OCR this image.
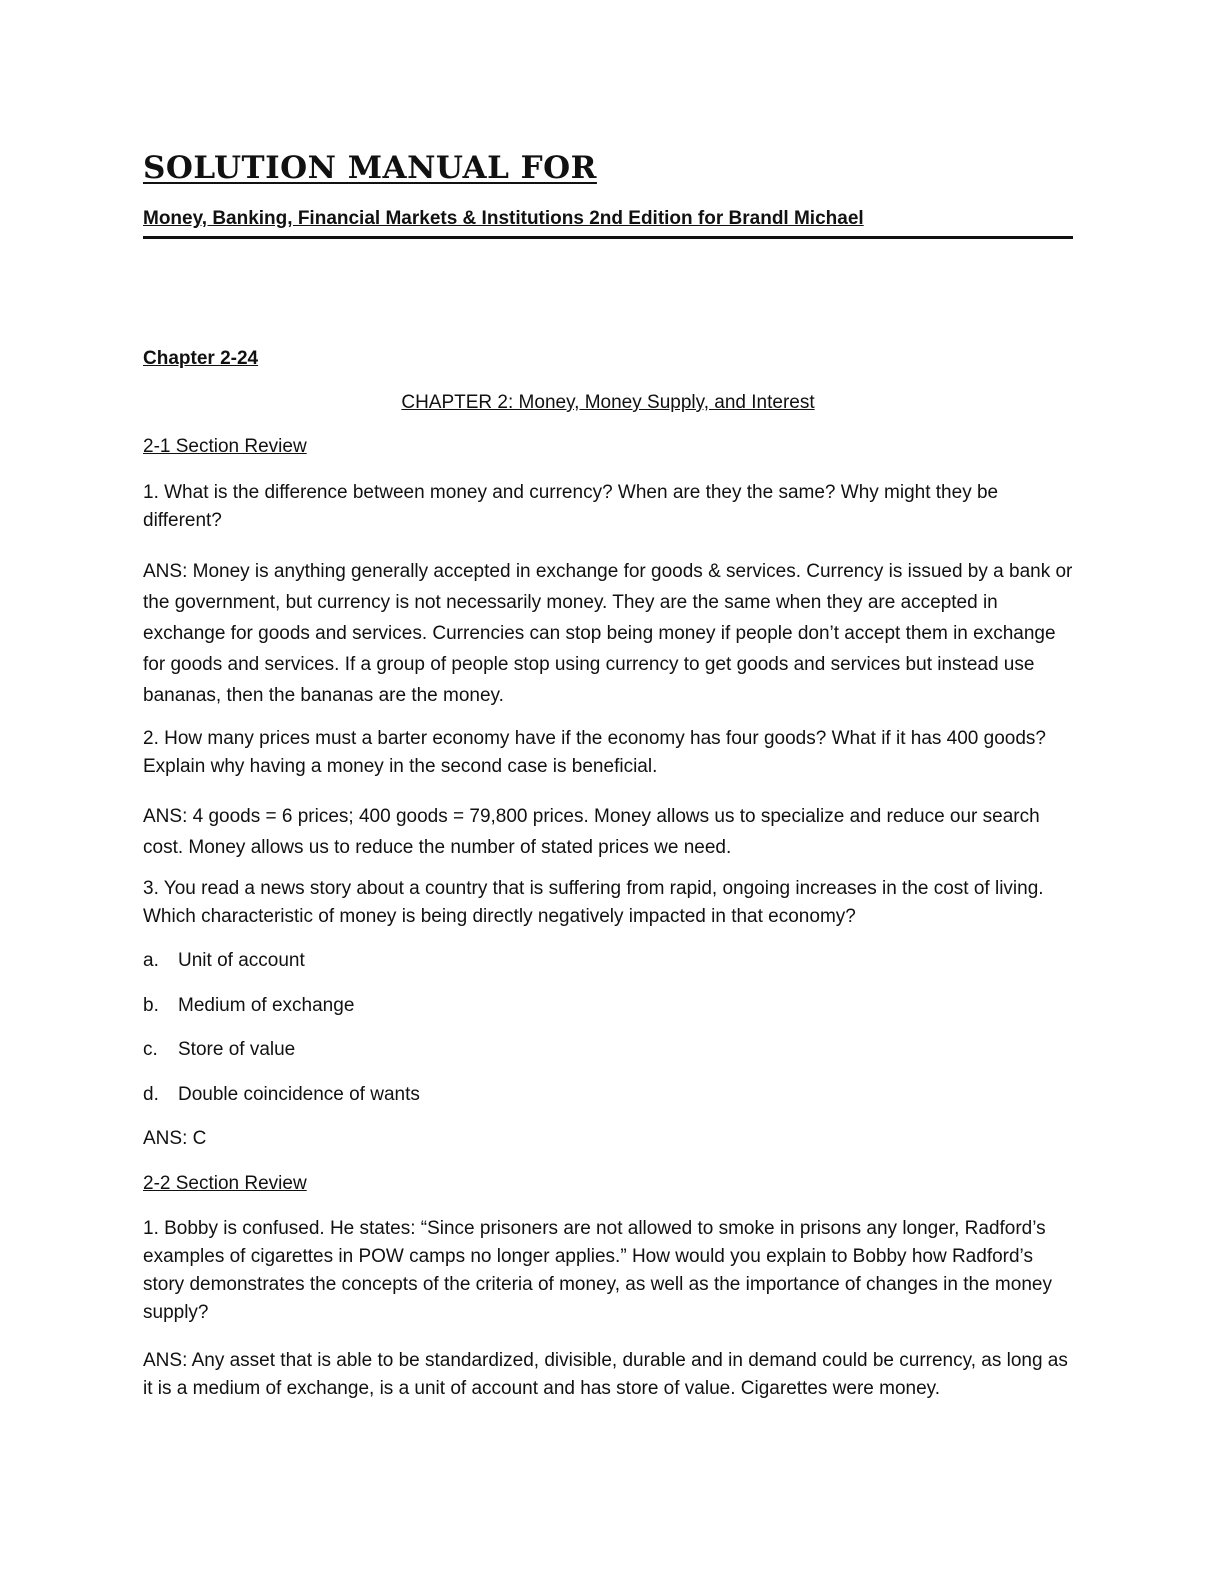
SOLUTION MANUAL FOR
Money, Banking, Financial Markets & Institutions 2nd Edition for Brandl Michael
Chapter 2-24
CHAPTER 2: Money, Money Supply, and Interest
2-1 Section Review

1. What is the difference between money and currency? When are they the same? Why might they be different?

ANS: Money is anything generally accepted in exchange for goods & services. Currency is issued by a bank or the government, but currency is not necessarily money. They are the same when they are accepted in exchange for goods and services. Currencies can stop being money if people don’t accept them in exchange for goods and services. If a group of people stop using currency to get goods and services but instead use bananas, then the bananas are the money.

2. How many prices must a barter economy have if the economy has four goods? What if it has 400 goods? Explain why having a money in the second case is beneficial.

ANS: 4 goods = 6 prices; 400 goods = 79,800 prices. Money allows us to specialize and reduce our search cost. Money allows us to reduce the number of stated prices we need.

3. You read a news story about a country that is suffering from rapid, ongoing increases in the cost of living. Which characteristic of money is being directly negatively impacted in that economy?

a. Unit of account
b. Medium of exchange
c. Store of value
d. Double coincidence of wants
ANS: C
2-2 Section Review

1. Bobby is confused. He states: “Since prisoners are not allowed to smoke in prisons any longer, Radford’s examples of cigarettes in POW camps no longer applies.” How would you explain to Bobby how Radford’s story demonstrates the concepts of the criteria of money, as well as the importance of changes in the money supply?

ANS: Any asset that is able to be standardized, divisible, durable and in demand could be currency, as long as it is a medium of exchange, is a unit of account and has store of value. Cigarettes were money.
